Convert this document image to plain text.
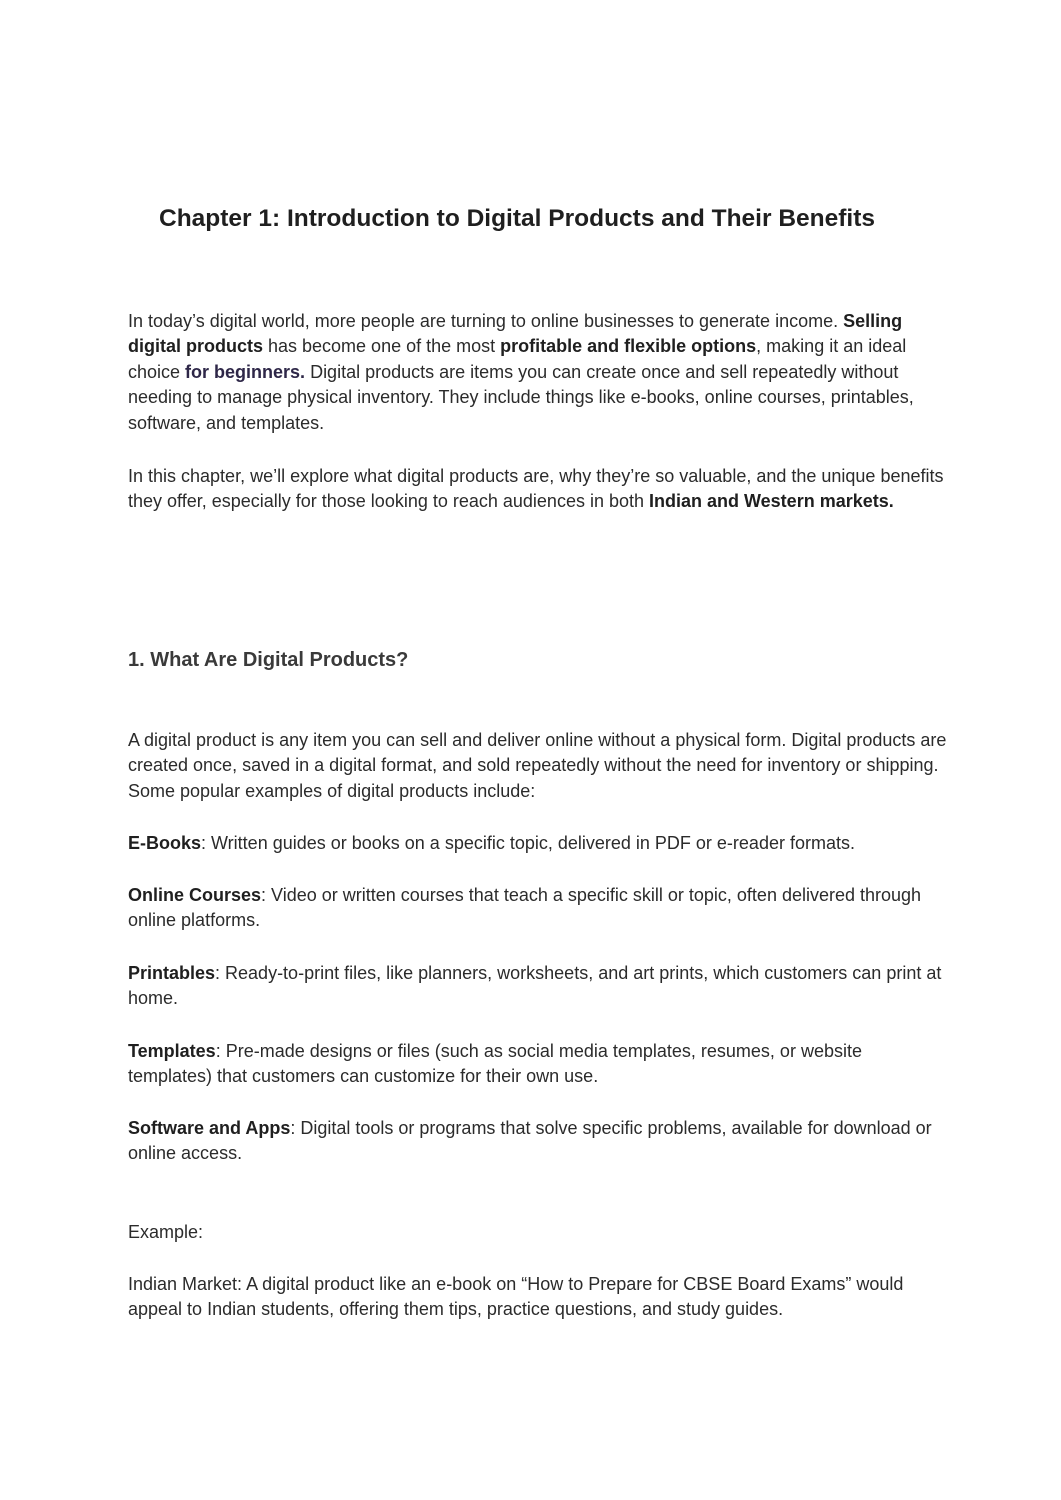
Chapter 1: Introduction to Digital Products and Their Benefits

In today’s digital world, more people are turning to online businesses to generate income. Selling digital products has become one of the most profitable and flexible options, making it an ideal choice for beginners. Digital products are items you can create once and sell repeatedly without needing to manage physical inventory. They include things like e-books, online courses, printables, software, and templates.

In this chapter, we’ll explore what digital products are, why they’re so valuable, and the unique benefits they offer, especially for those looking to reach audiences in both Indian and Western markets.

1. What Are Digital Products?

A digital product is any item you can sell and deliver online without a physical form. Digital products are created once, saved in a digital format, and sold repeatedly without the need for inventory or shipping. Some popular examples of digital products include:

E-Books: Written guides or books on a specific topic, delivered in PDF or e-reader formats.

Online Courses: Video or written courses that teach a specific skill or topic, often delivered through online platforms.

Printables: Ready-to-print files, like planners, worksheets, and art prints, which customers can print at home.

Templates: Pre-made designs or files (such as social media templates, resumes, or website templates) that customers can customize for their own use.

Software and Apps: Digital tools or programs that solve specific problems, available for download or online access.

Example:

Indian Market: A digital product like an e-book on “How to Prepare for CBSE Board Exams” would appeal to Indian students, offering them tips, practice questions, and study guides.
